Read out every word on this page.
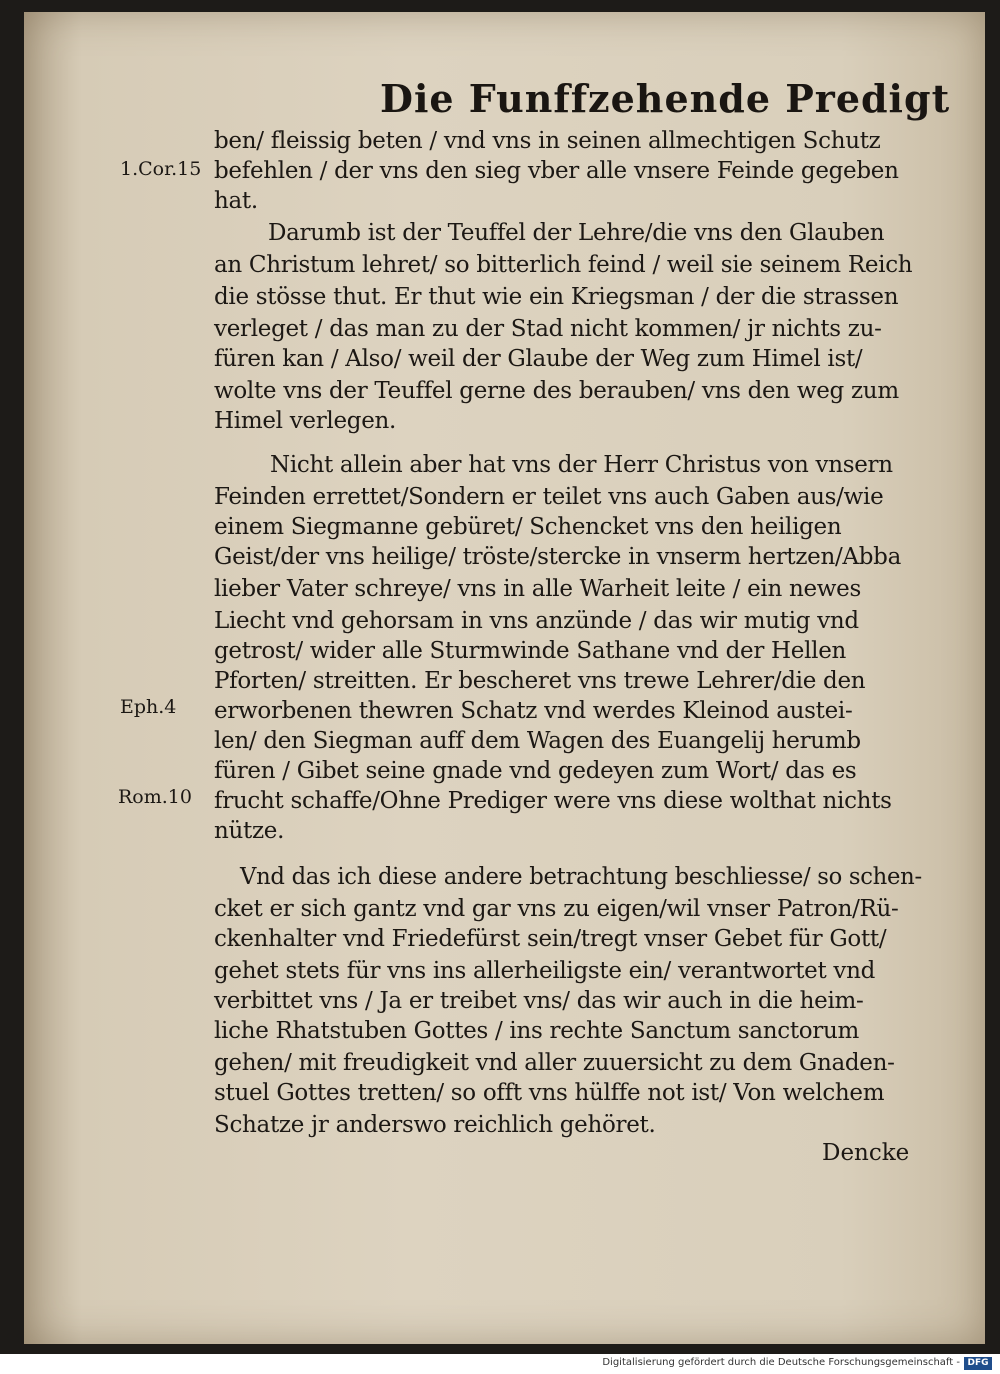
Die Funffzehende Predigt
1.Cor.15
Eph.4
Rom.10
ben/ fleissig beten / vnd vns in seinen allmechtigen Schutz
befehlen / der vns den sieg vber alle vnsere Feinde gegeben
hat.
Darumb ist der Teuffel der Lehre/die vns den Glauben
an Christum lehret/ so bitterlich feind / weil sie seinem Reich
die stösse thut. Er thut wie ein Kriegsman / der die strassen
verleget / das man zu der Stad nicht kommen/ jr nichts zu-
füren kan / Also/ weil der Glaube der Weg zum Himel ist/
wolte vns der Teuffel gerne des berauben/ vns den weg zum
Himel verlegen.
Nicht allein aber hat vns der Herr Christus von vnsern
Feinden errettet/Sondern er teilet vns auch Gaben aus/wie
einem Siegmanne gebüret/ Schencket vns den heiligen
Geist/der vns heilige/ tröste/stercke in vnserm hertzen/Abba
lieber Vater schreye/ vns in alle Warheit leite / ein newes
Liecht vnd gehorsam in vns anzünde / das wir mutig vnd
getrost/ wider alle Sturmwinde Sathane vnd der Hellen
Pforten/ streitten. Er bescheret vns trewe Lehrer/die den
erworbenen thewren Schatz vnd werdes Kleinod austei-
len/ den Siegman auff dem Wagen des Euangelij herumb
füren / Gibet seine gnade vnd gedeyen zum Wort/ das es
frucht schaffe/Ohne Prediger were vns diese wolthat nichts
nütze.
Vnd das ich diese andere betrachtung beschliesse/ so schen-
cket er sich gantz vnd gar vns zu eigen/wil vnser Patron/Rü-
ckenhalter vnd Friedefürst sein/tregt vnser Gebet für Gott/
gehet stets für vns ins allerheiligste ein/ verantwortet vnd
verbittet vns / Ja er treibet vns/ das wir auch in die heim-
liche Rhatstuben Gottes / ins rechte Sanctum sanctorum
gehen/ mit freudigkeit vnd aller zuuersicht zu dem Gnaden-
stuel Gottes tretten/ so offt vns hülffe not ist/ Von welchem
Schatze jr anderswo reichlich gehöret.
Dencke
Digitalisierung gefördert durch die Deutsche Forschungsgemeinschaft - DFG
